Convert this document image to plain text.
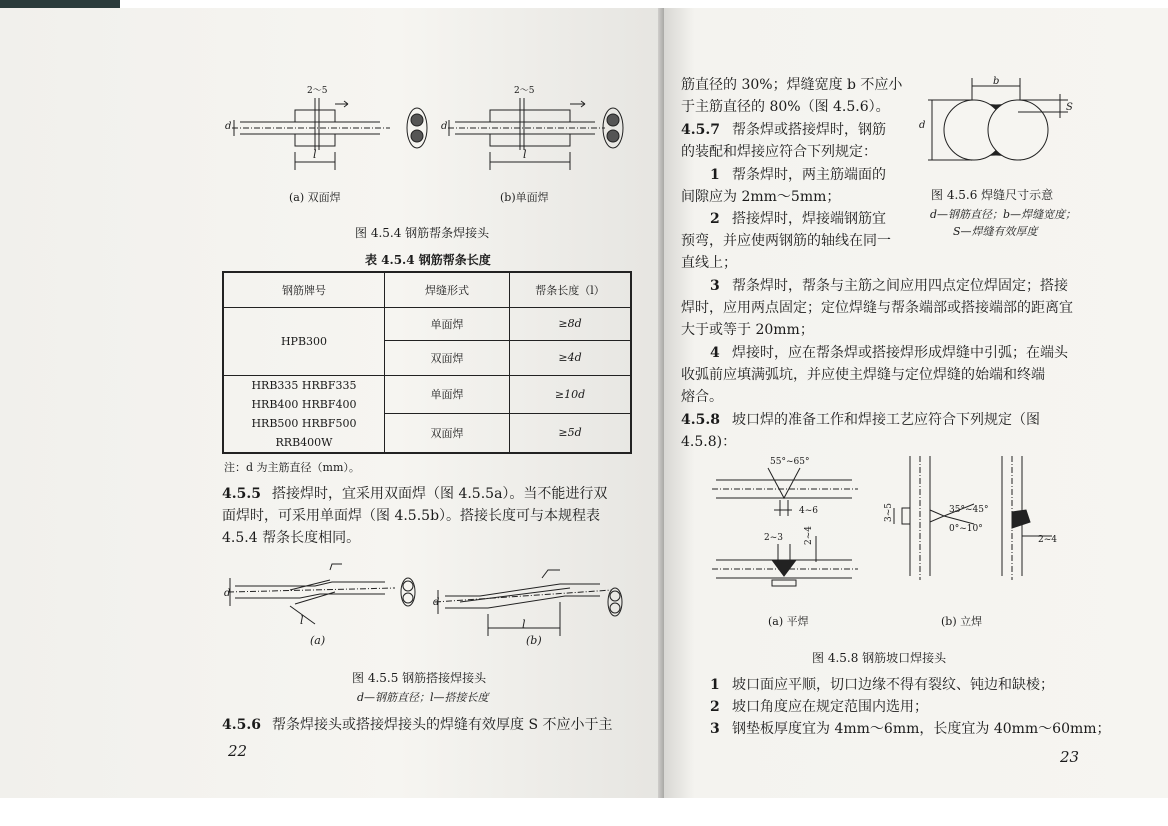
2～5	2～5
d	d
l	l
(a) 双面焊	(b)单面焊
图 4.5.4 钢筋帮条焊接头
表 4.5.4 钢筋帮条长度
钢筋牌号	焊缝形式	帮条长度（l）
HPB300	单面焊	≥8d
	双面焊	≥4d

HRB335 HRBF335
HRB400 HRBF400
HRB500 HRBF500 RRB400W	单面焊	≥10d
	双面焊	≥5d
注：d 为主筋直径（mm）。
4.5.5 搭接焊时，宜采用双面焊（图 4.5.5a）。当不能进行双
面焊时，可采用单面焊（图 4.5.5b）。搭接长度可与本规程表
4.5.4 帮条长度相同。
d
d
l	l
(a)	(b)
图 4.5.5 钢筋搭接焊接头
d—钢筋直径；l—搭接长度
4.5.6 帮条焊接头或搭接焊接头的焊缝有效厚度 S 不应小于主
22
筋直径的 30%；焊缝宽度 b 不应小
于主筋直径的 80%（图 4.5.6）。
b
S
d
图 4.5.6 焊缝尺寸示意
d—钢筋直径；b—焊缝宽度；
S—焊缝有效厚度
4.5.7 帮条焊或搭接焊时，钢筋
的装配和焊接应符合下列规定：
1 帮条焊时，两主筋端面的
间隙应为 2mm～5mm；
2 搭接焊时，焊接端钢筋宜
预弯，并应使两钢筋的轴线在同一
直线上；
3 帮条焊时，帮条与主筋之间应用四点定位焊固定；搭接
焊时，应用两点固定；定位焊缝与帮条端部或搭接端部的距离宜
大于或等于 20mm；
4 焊接时，应在帮条焊或搭接焊形成焊缝中引弧；在端头
收弧前应填满弧坑，并应使主焊缝与定位焊缝的始端和终端
熔合。
4.5.8 坡口焊的准备工作和焊接工艺应符合下列规定（图
4.5.8)：
55°~65°
4~6
2~3 2~4
3~5	35°~45°
0°~10°
2~4
(a) 平焊	(b) 立焊
图 4.5.8 钢筋坡口焊接头
1 坡口面应平顺，切口边缘不得有裂纹、钝边和缺棱；
2 坡口角度应在规定范围内选用；
3 钢垫板厚度宜为 4mm～6mm，长度宜为 40mm～60mm；
23
